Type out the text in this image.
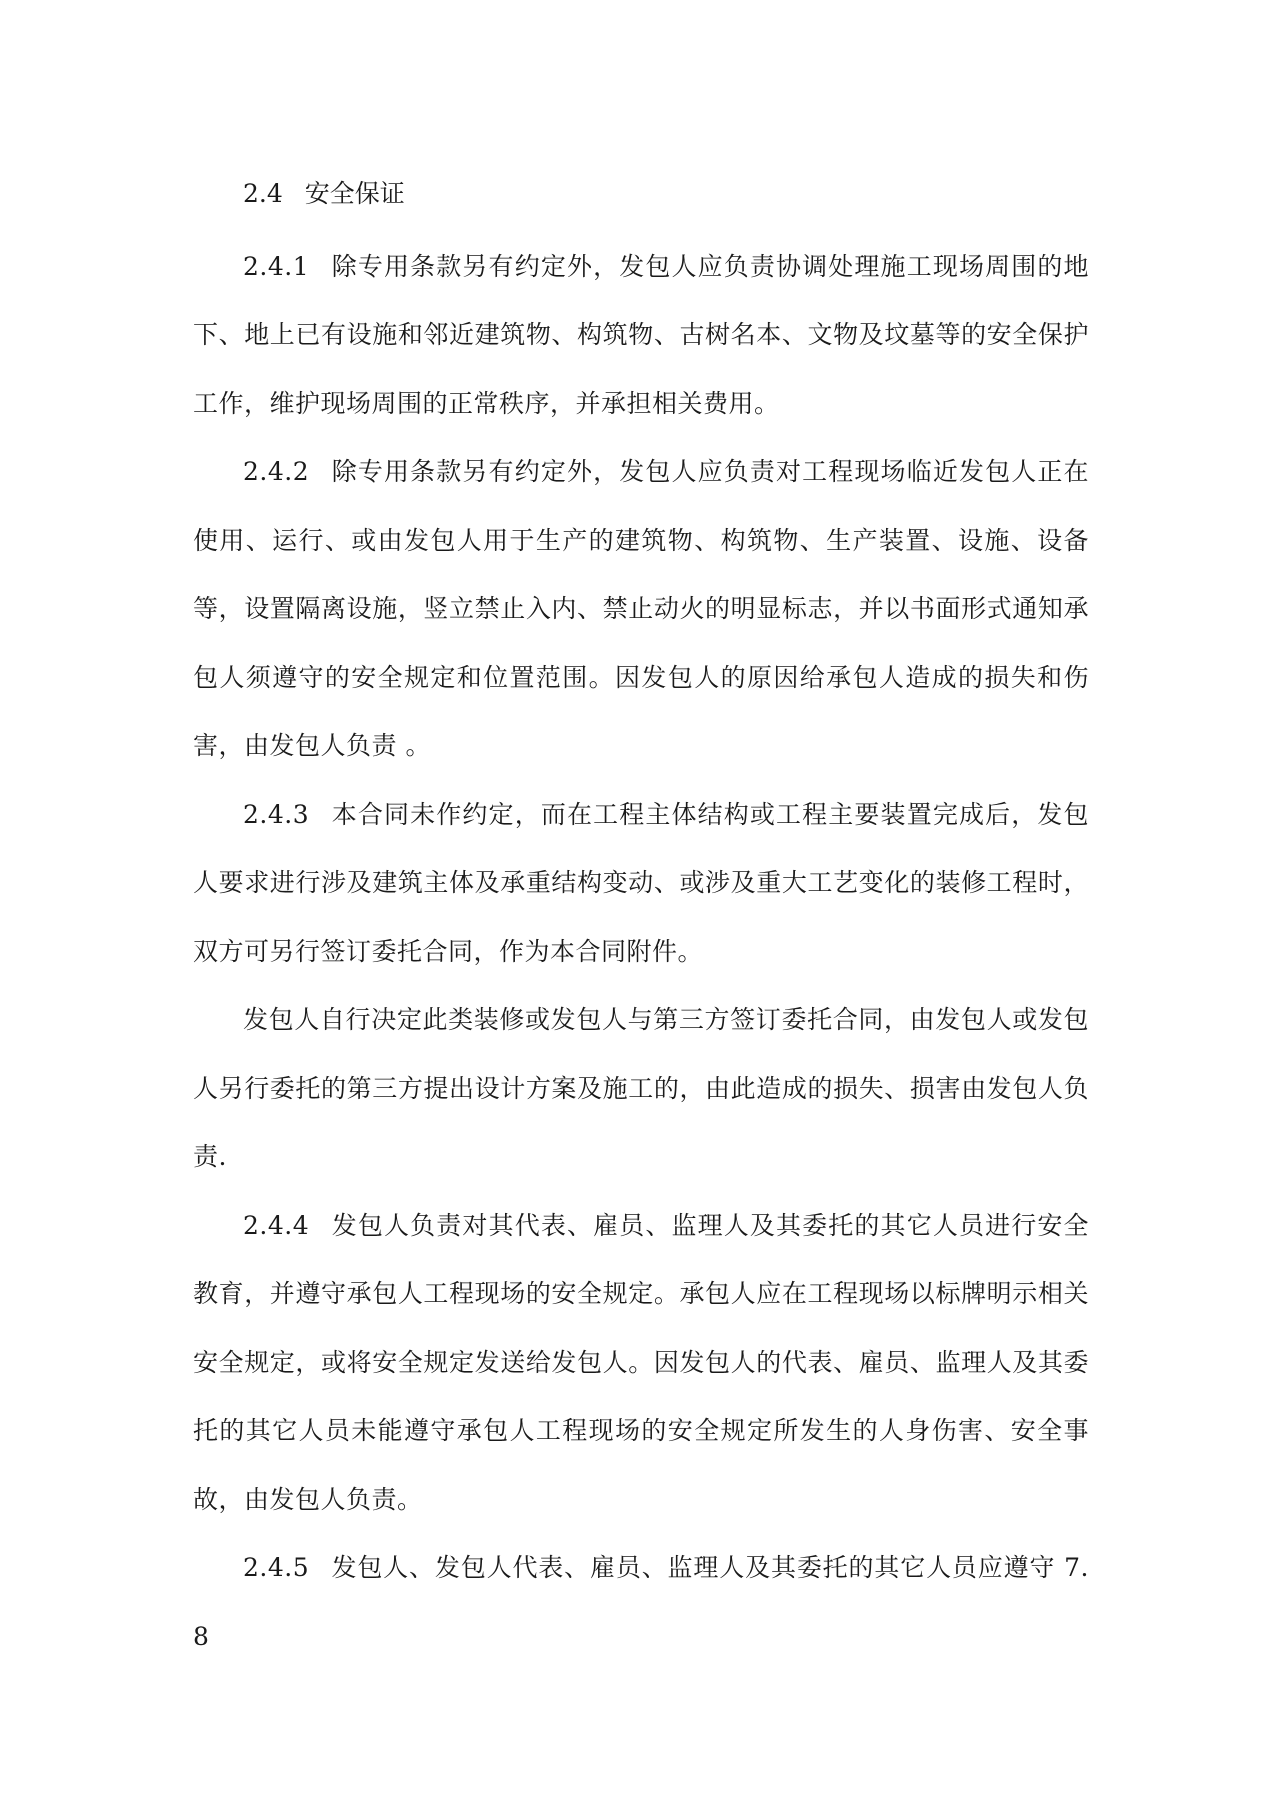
2.4 安全保证

2.4.1 除专用条款另有约定外，发包人应负责协调处理施工现场周围的地下、地上已有设施和邻近建筑物、构筑物、古树名本、文物及坟墓等的安全保护工作，维护现场周围的正常秩序，并承担相关费用。

2.4.2 除专用条款另有约定外，发包人应负责对工程现场临近发包人正在使用、运行、或由发包人用于生产的建筑物、构筑物、生产装置、设施、设备等，设置隔离设施，竖立禁止入内、禁止动火的明显标志，并以书面形式通知承包人须遵守的安全规定和位置范围。因发包人的原因给承包人造成的损失和伤害，由发包人负责 。

2.4.3 本合同未作约定，而在工程主体结构或工程主要装置完成后，发包人要求进行涉及建筑主体及承重结构变动、或涉及重大工艺变化的装修工程时，双方可另行签订委托合同，作为本合同附件。

发包人自行决定此类装修或发包人与第三方签订委托合同，由发包人或发包人另行委托的第三方提出设计方案及施工的，由此造成的损失、损害由发包人负责.

2.4.4 发包人负责对其代表、雇员、监理人及其委托的其它人员进行安全教育，并遵守承包人工程现场的安全规定。承包人应在工程现场以标牌明示相关安全规定，或将安全规定发送给发包人。因发包人的代表、雇员、监理人及其委托的其它人员未能遵守承包人工程现场的安全规定所发生的人身伤害、安全事故，由发包人负责。

2.4.5 发包人、发包人代表、雇员、监理人及其委托的其它人员应遵守 7.8
